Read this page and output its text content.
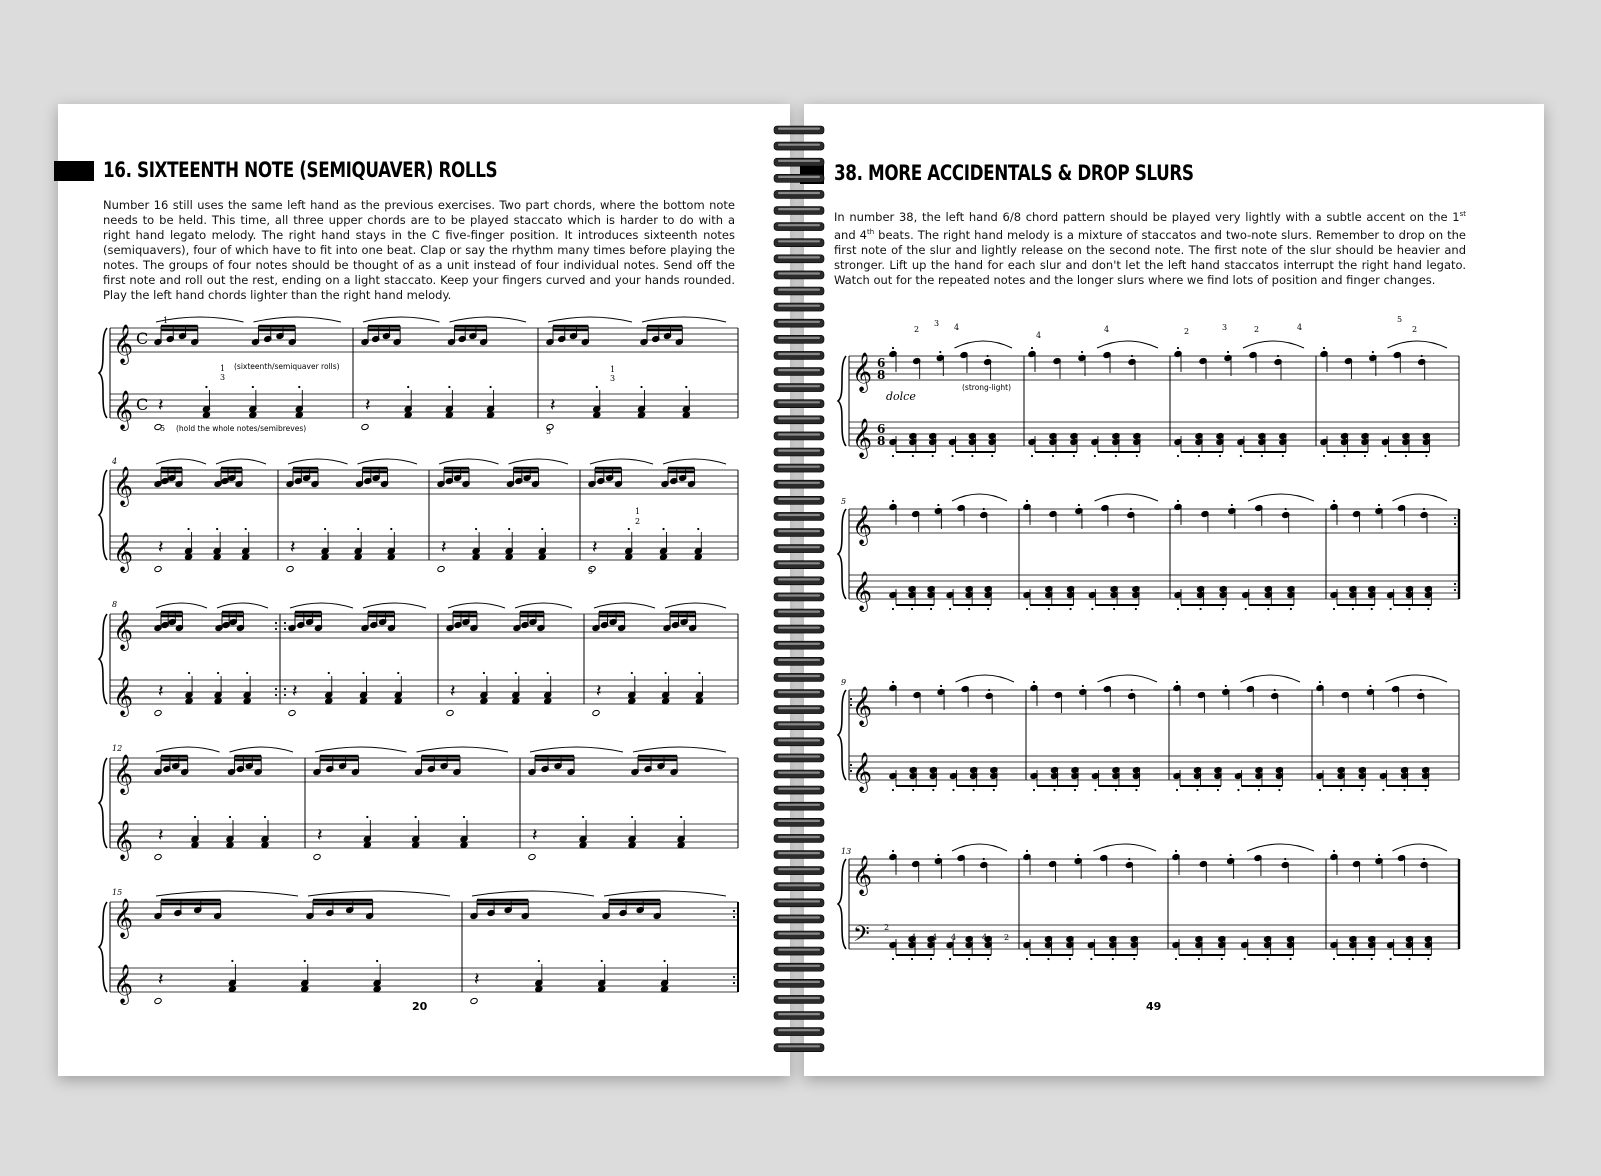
16. SIXTEENTH NOTE (SEMIQUAVER) ROLLS
Number 16 still uses the same left hand as the previous exercises. Two part chords, where the bottom note needs to be held. This time, all three upper chords are to be played staccato which is harder to do with a right hand legato melody. The right hand stays in the C five-finger position. It introduces sixteenth notes (semiquavers), four of which have to fit into one beat. Clap or say the rhythm many times before playing the notes. The groups of four notes should be thought of as a unit instead of four individual notes. Send off the first note and roll out the rest, ending on a light staccato. Keep your fingers curved and your hands rounded. Play the left hand chords lighter than the right hand melody.
𝄞
𝄞
C
C 𝄽	𝄽	𝄽
𝄞
𝄞 𝄽	𝄽	𝄽	𝄽
𝄞
𝄞 𝄽	𝄽	𝄽	𝄽
𝄞
𝄞 𝄽	𝄽	𝄽
𝄞
𝄞 𝄽	𝄽
(sixteenth/semiquaver rolls)
(hold the whole notes/semibreves)
5
1
1
3
1
3
5
1
2
5
4
8
12
15
20
38. MORE ACCIDENTALS & DROP SLURS
In number 38, the left hand 6/8 chord pattern should be played very lightly with a subtle accent on the 1st and 4th beats. The right hand melody is a mixture of staccatos and two-note slurs. Remember to drop on the first note of the slur and lightly release on the second note. The first note of the slur should be heavier and stronger. Lift up the hand for each slur and don't let the left hand staccatos interrupt the right hand legato. Watch out for the repeated notes and the longer slurs where we find lots of position and finger changes.
𝄞
𝄞
6
8
6
8
𝄞
𝄞
𝄞
𝄞
𝄞
𝄢
dolce
(strong-light)
5
9
13
2
3 4
4
4	2	3	2	4
5
2
2
4 4 4	4 2
49
